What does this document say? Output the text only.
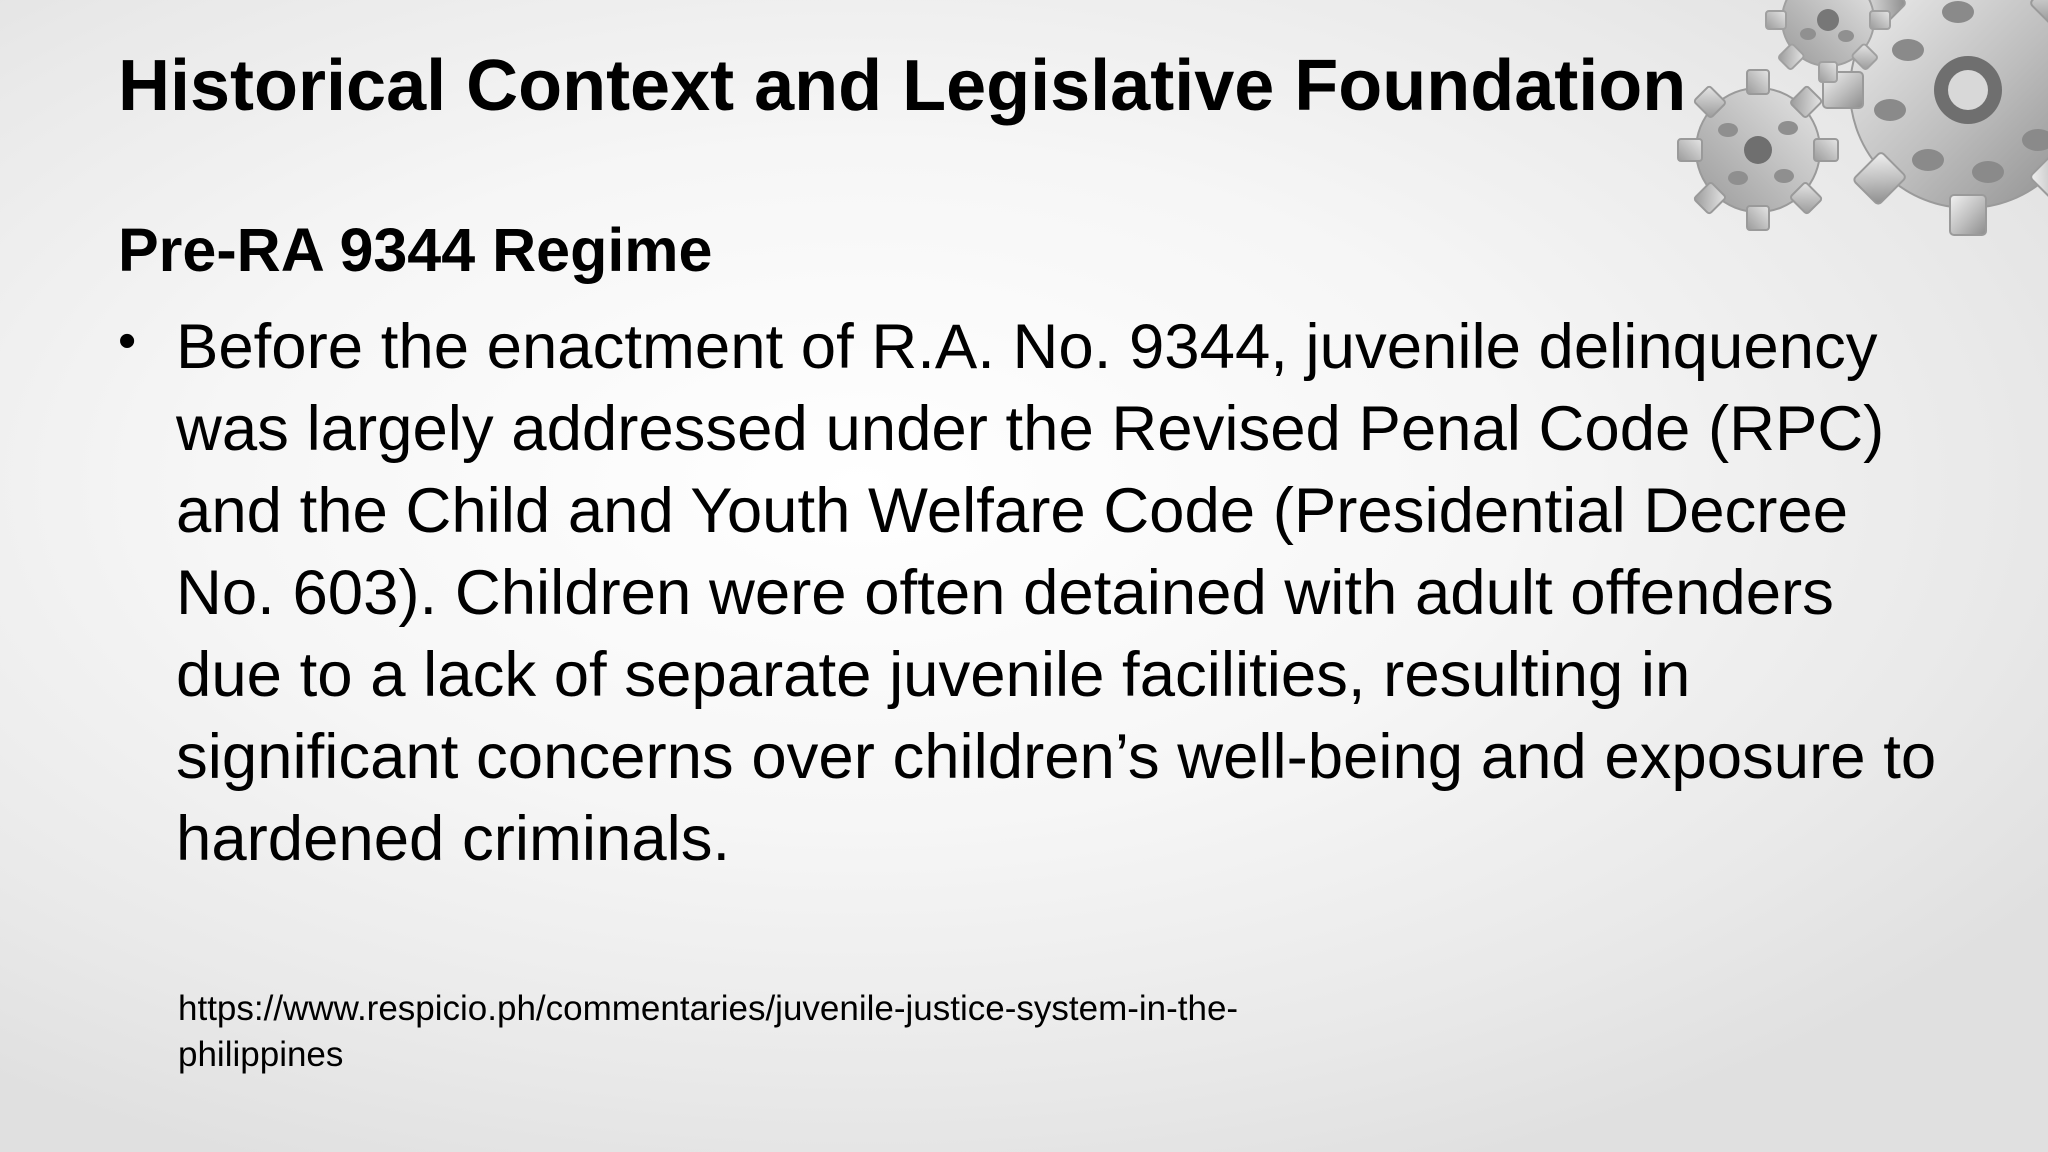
Historical Context and Legislative Foundation
Pre-RA 9344 Regime
• Before the enactment of R.A. No. 9344, juvenile delinquency was largely addressed under the Revised Penal Code (RPC) and the Child and Youth Welfare Code (Presidential Decree No. 603). Children were often detained with adult offenders due to a lack of separate juvenile facilities, resulting in significant concerns over children’s well-being and exposure to hardened criminals.

https://www.respicio.ph/commentaries/juvenile-justice-system-in-the-
philippines
